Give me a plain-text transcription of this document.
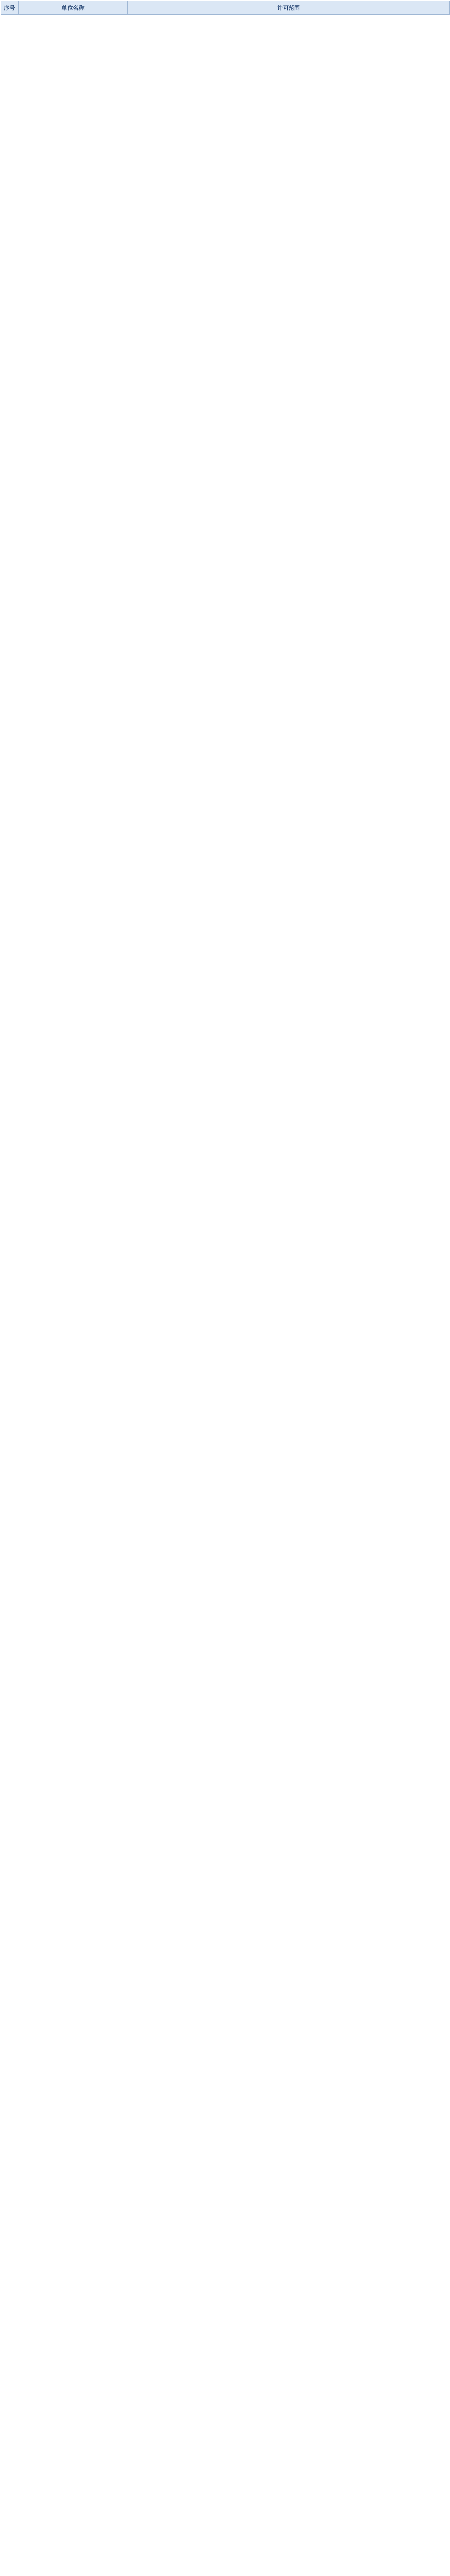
序号	单位名称	许可范围
